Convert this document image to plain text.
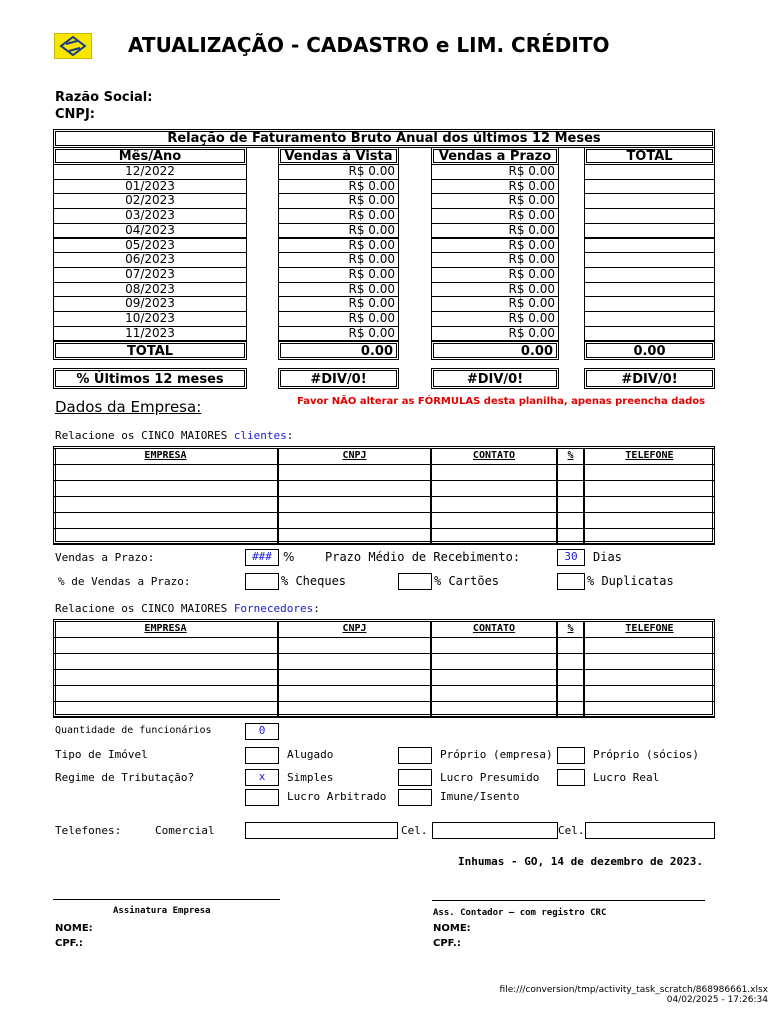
ATUALIZAÇÃO - CADASTRO e LIM. CRÉDITO
Razão Social:
CNPJ:
Relação de Faturamento Bruto Anual dos últimos 12 Meses
Mês/Ano	Vendas à Vista	Vendas a Prazo	TOTAL
12/2022	R$ 0.00	R$ 0.00
01/2023	R$ 0.00	R$ 0.00
02/2023	R$ 0.00	R$ 0.00
03/2023	R$ 0.00	R$ 0.00
04/2023	R$ 0.00	R$ 0.00
05/2023	R$ 0.00	R$ 0.00
06/2023	R$ 0.00	R$ 0.00
07/2023	R$ 0.00	R$ 0.00
08/2023	R$ 0.00	R$ 0.00
09/2023	R$ 0.00	R$ 0.00
10/2023	R$ 0.00	R$ 0.00
11/2023	R$ 0.00	R$ 0.00
TOTAL	0.00	0.00	0.00
% Últimos 12 meses	#DIV/0!	#DIV/0!	#DIV/0!
Dados da Empresa:	Favor NÃO alterar as FÓRMULAS desta planilha, apenas preencha dados
Relacione os CINCO MAIORES clientes:
EMPRESA	CNPJ	CONTATO	%	TELEFONE
Vendas a Prazo:	### %	Prazo Médio de Recebimento:	30	Dias
% de Vendas a Prazo:	% Cheques	% Cartões	% Duplicatas
Relacione os CINCO MAIORES Fornecedores:
EMPRESA	CNPJ	CONTATO	%	TELEFONE
Quantidade de funcionários	0
Tipo de Imóvel	Alugado	Próprio (empresa)	Próprio (sócios)
Regime de Tributação?	x	Simples	Lucro Presumido	Lucro Real
Lucro Arbitrado	Imune/Isento
Telefones:	Comercial	Cel.	Cel.
Inhumas - GO, 14 de dezembro de 2023.
Assinatura Empresa
NOME:
CPF.:
Ass. Contador – com registro CRC
NOME:
CPF.:
file:///conversion/tmp/activity_task_scratch/868986661.xlsx
04/02/2025 - 17:26:34
